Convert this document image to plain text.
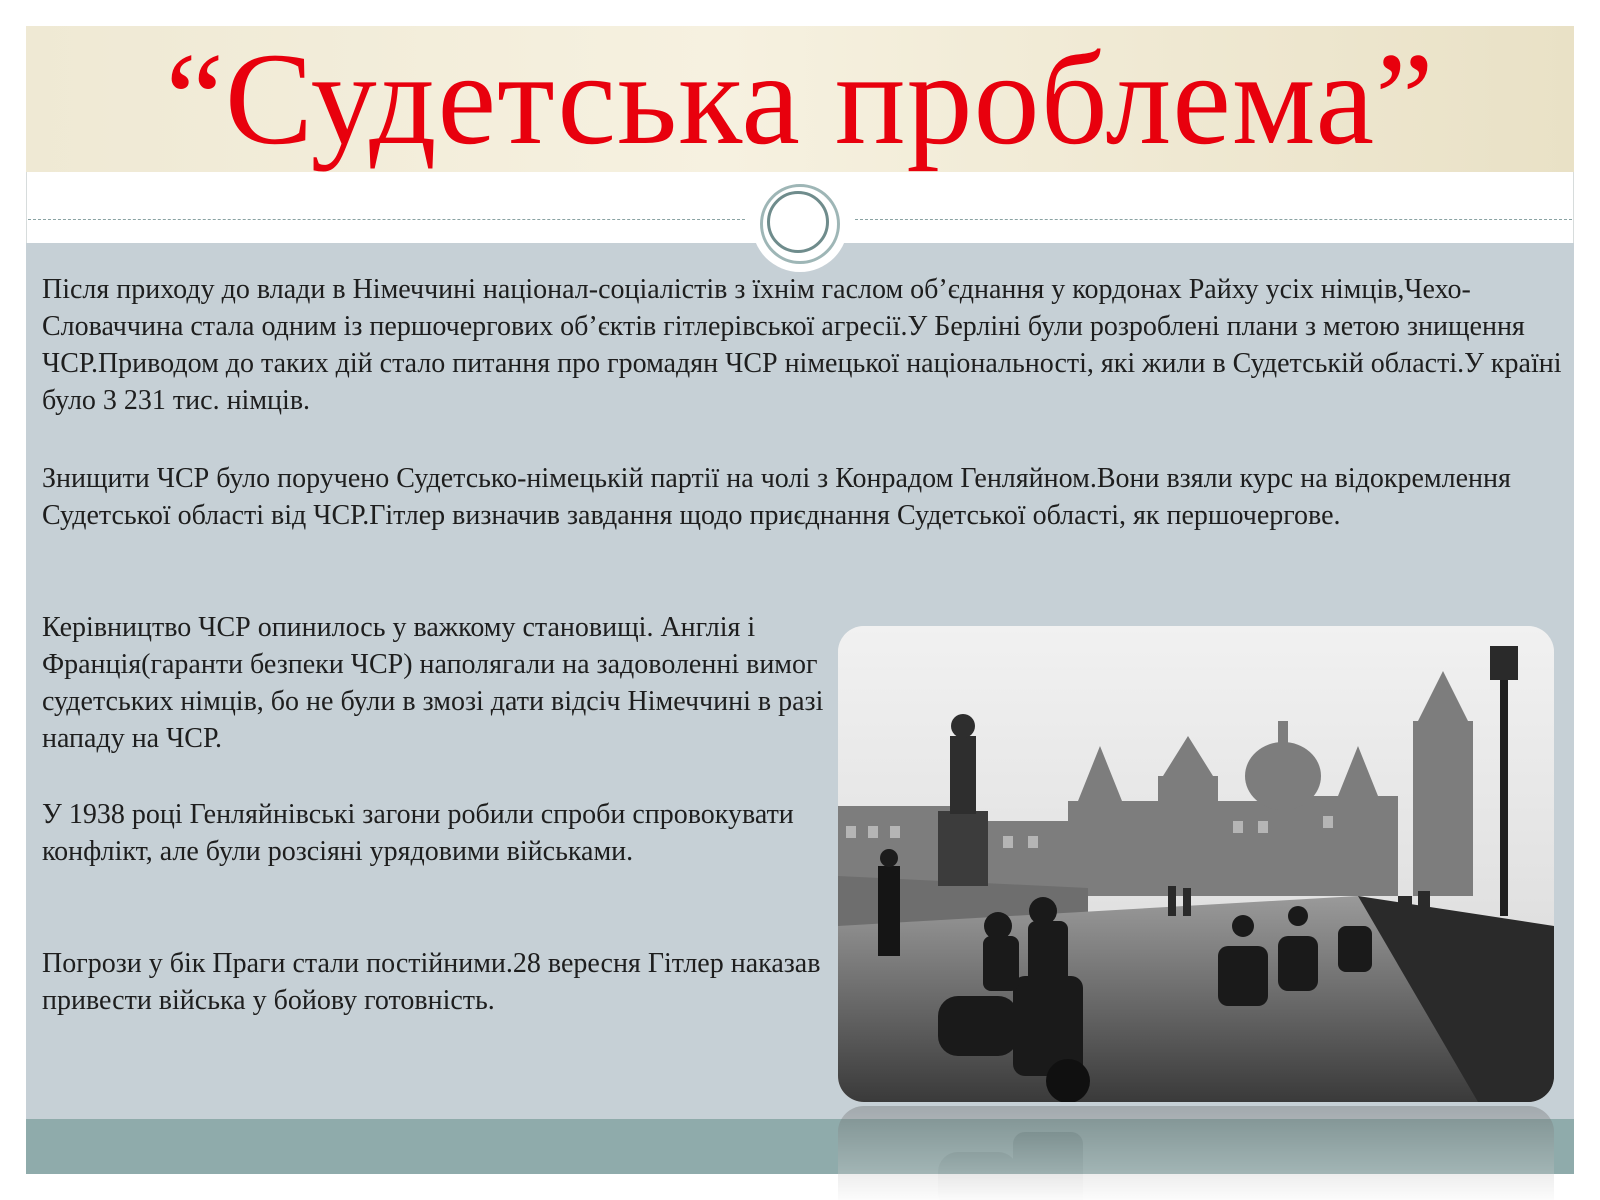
“Судетська проблема”

Після приходу до влади в Німеччині націонал-соціалістів з їхнім гаслом об’єднання у кордонах Райху усіх німців,Чехо-Словаччина стала одним із першочергових об’єктів гітлерівської агресії.У Берліні були розроблені плани з метою знищення ЧСР.Приводом до таких дій стало питання про громадян ЧСР німецької національності, які жили в Судетській області.У країні було 3 231 тис. німців.

Знищити ЧСР було поручено Судетсько-німецькій партії на чолі з Конрадом Генляйном.Вони взяли курс на відокремлення Судетської області від ЧСР.Гітлер визначив завдання щодо приєднання Судетської області, як першочергове.

Керівництво ЧСР опинилось у важкому становищі. Англія і Франція(гаранти безпеки ЧСР) наполягали на задоволенні вимог судетських німців, бо не були в змозі дати відсіч Німеччині в разі нападу на ЧСР.

У 1938 році Генляйнівські загони робили спроби спровокувати конфлікт, але були розсіяні урядовими військами.

Погрози у бік Праги стали постійними.28 вересня Гітлер наказав привести війська у бойову готовність.
